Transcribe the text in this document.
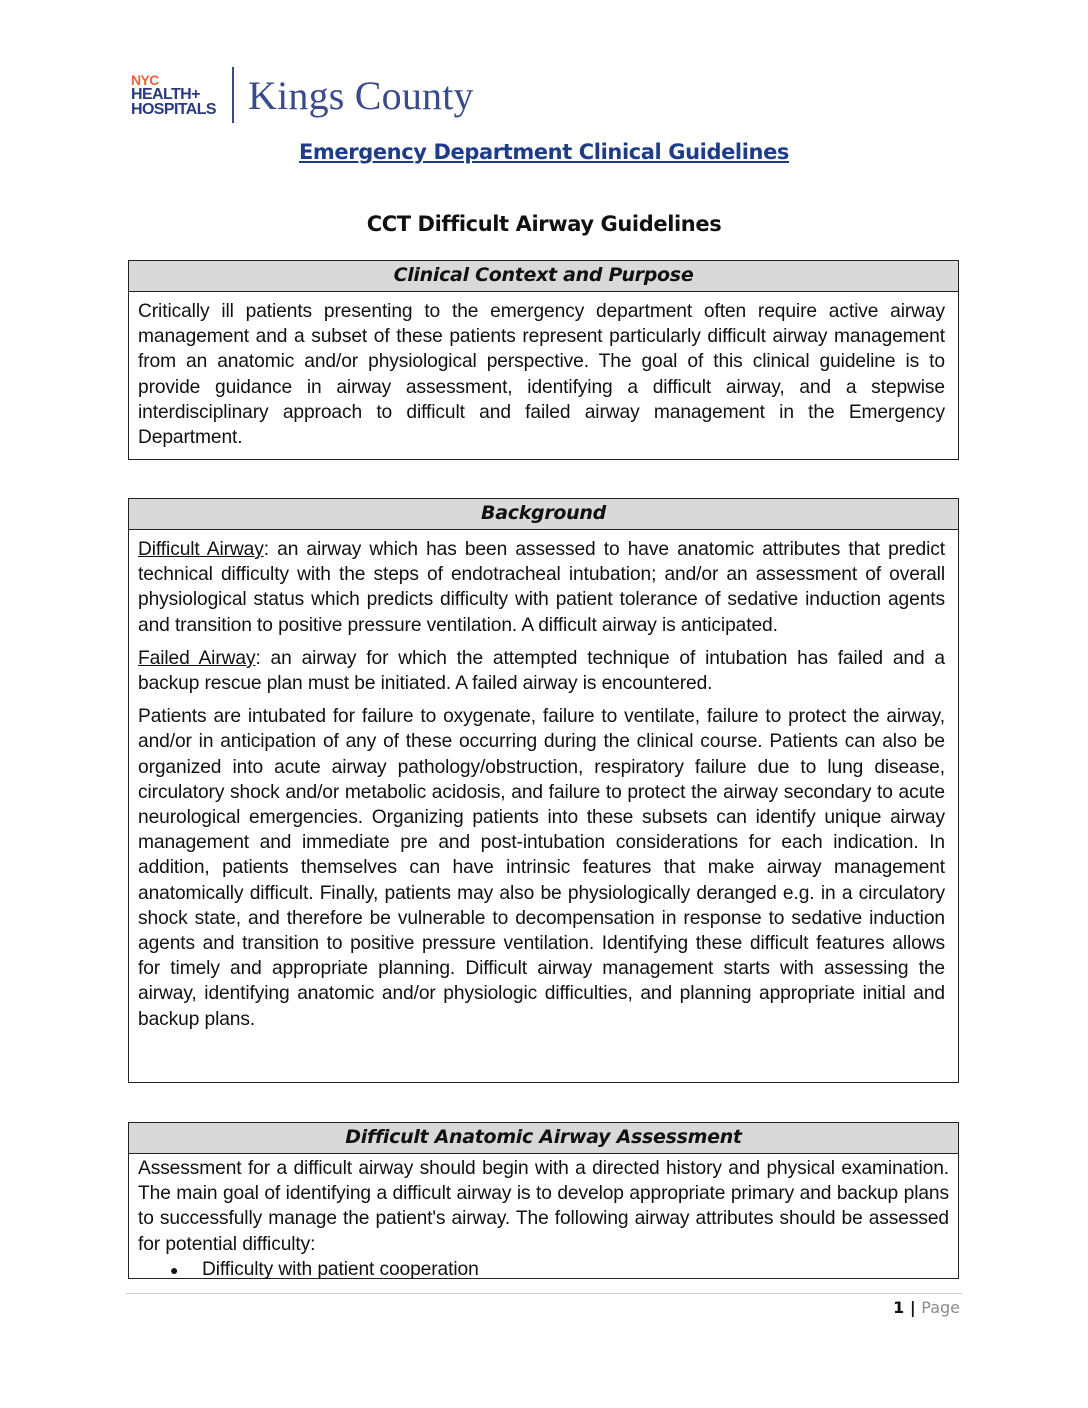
NYC
HEALTH+
HOSPITALS Kings County
Emergency Department Clinical Guidelines
CCT Difficult Airway Guidelines
Clinical Context and Purpose

Critically ill patients presenting to the emergency department often require active airway management and a subset of these patients represent particularly difficult airway management from an anatomic and/or physiological perspective. The goal of this clinical guideline is to provide guidance in airway assessment, identifying a difficult airway, and a stepwise interdisciplinary approach to difficult and failed airway management in the Emergency Department.

Background

Difficult Airway: an airway which has been assessed to have anatomic attributes that predict technical difficulty with the steps of endotracheal intubation; and/or an assessment of overall physiological status which predicts difficulty with patient tolerance of sedative induction agents and transition to positive pressure ventilation. A difficult airway is anticipated.

Failed Airway: an airway for which the attempted technique of intubation has failed and a backup rescue plan must be initiated. A failed airway is encountered.

Patients are intubated for failure to oxygenate, failure to ventilate, failure to protect the airway, and/or in anticipation of any of these occurring during the clinical course. Patients can also be organized into acute airway pathology/obstruction, respiratory failure due to lung disease, circulatory shock and/or metabolic acidosis, and failure to protect the airway secondary to acute neurological emergencies. Organizing patients into these subsets can identify unique airway management and immediate pre and post-intubation considerations for each indication. In addition, patients themselves can have intrinsic features that make airway management anatomically difficult. Finally, patients may also be physiologically deranged e.g. in a circulatory shock state, and therefore be vulnerable to decompensation in response to sedative induction agents and transition to positive pressure ventilation. Identifying these difficult features allows for timely and appropriate planning. Difficult airway management starts with assessing the airway, identifying anatomic and/or physiologic difficulties, and planning appropriate initial and backup plans.

Difficult Anatomic Airway Assessment

Assessment for a difficult airway should begin with a directed history and physical examination. The main goal of identifying a difficult airway is to develop appropriate primary and backup plans to successfully manage the patient's airway. The following airway attributes should be assessed for potential difficulty:

●	Difficulty with patient cooperation
1 | Page
